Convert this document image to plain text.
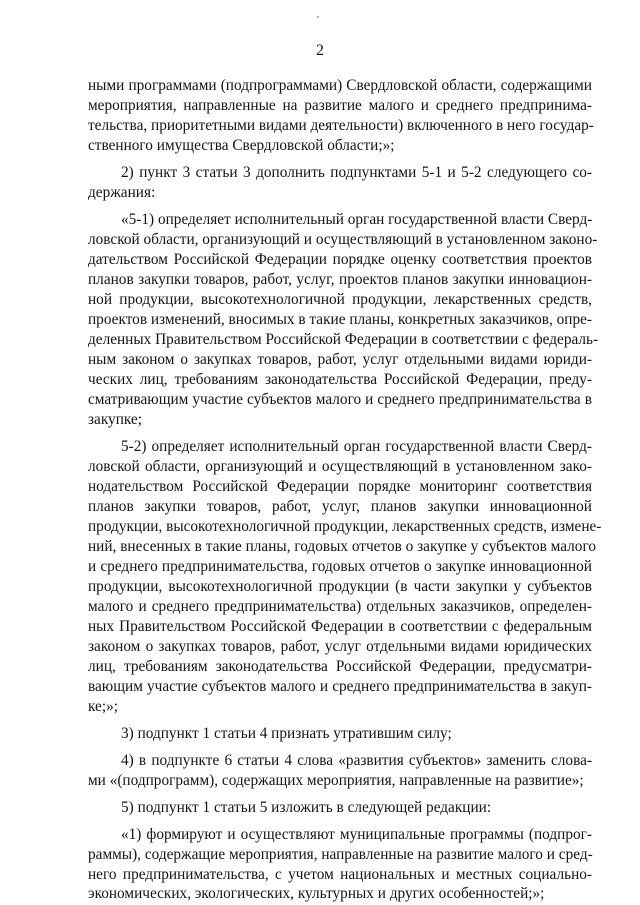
2
ными программами (подпрограммами) Свердловской области, содержащими
мероприятия, направленные на развитие малого и среднего предпринима-
тельства, приоритетными видами деятельности) включенного в него государ-
ственного имущества Свердловской области;»;
2) пункт 3 статьи 3 дополнить подпунктами 5-1 и 5-2 следующего со-
держания:
«5-1) определяет исполнительный орган государственной власти Сверд-
ловской области, организующий и осуществляющий в установленном законо-
дательством Российской Федерации порядке оценку соответствия проектов
планов закупки товаров, работ, услуг, проектов планов закупки инновацион-
ной продукции, высокотехнологичной продукции, лекарственных средств,
проектов изменений, вносимых в такие планы, конкретных заказчиков, опре-
деленных Правительством Российской Федерации в соответствии с федераль-
ным законом о закупках товаров, работ, услуг отдельными видами юриди-
ческих лиц, требованиям законодательства Российской Федерации, преду-
сматривающим участие субъектов малого и среднего предпринимательства в
закупке;
5-2) определяет исполнительный орган государственной власти Сверд-
ловской области, организующий и осуществляющий в установленном зако-
нодательством Российской Федерации порядке мониторинг соответствия
планов закупки товаров, работ, услуг, планов закупки инновационной
продукции, высокотехнологичной продукции, лекарственных средств, измене-
ний, внесенных в такие планы, годовых отчетов о закупке у субъектов малого
и среднего предпринимательства, годовых отчетов о закупке инновационной
продукции, высокотехнологичной продукции (в части закупки у субъектов
малого и среднего предпринимательства) отдельных заказчиков, определен-
ных Правительством Российской Федерации в соответствии с федеральным
законом о закупках товаров, работ, услуг отдельными видами юридических
лиц, требованиям законодательства Российской Федерации, предусматри-
вающим участие субъектов малого и среднего предпринимательства в закуп-
ке;»;
3) подпункт 1 статьи 4 признать утратившим силу;
4) в подпункте 6 статьи 4 слова «развития субъектов» заменить слова-
ми «(подпрограмм), содержащих мероприятия, направленные на развитие»;
5) подпункт 1 статьи 5 изложить в следующей редакции:
«1) формируют и осуществляют муниципальные программы (подпрог-
раммы), содержащие мероприятия, направленные на развитие малого и сред-
него предпринимательства, с учетом национальных и местных социально-
экономических, экологических, культурных и других особенностей;»;
